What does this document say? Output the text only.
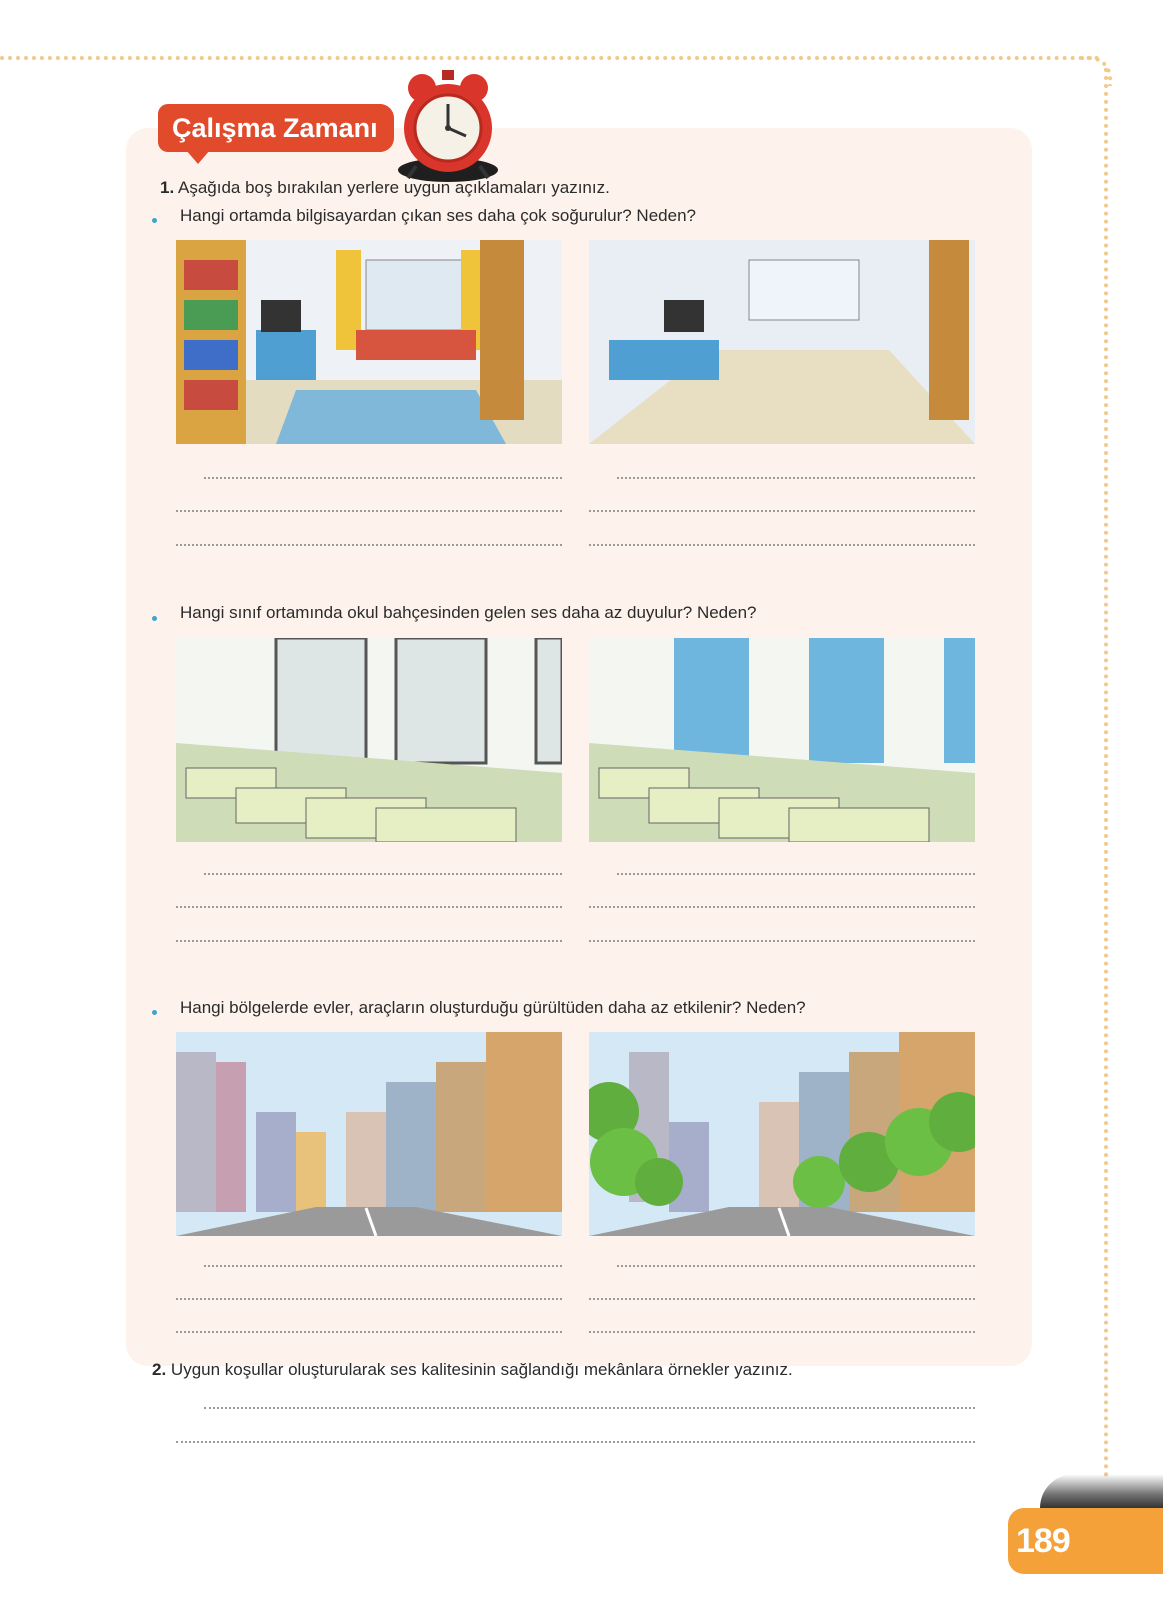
Çalışma Zamanı
1. Aşağıda boş bırakılan yerlere uygun açıklamaları yazınız.
Hangi ortamda bilgisayardan çıkan ses daha çok soğurulur? Neden?
Hangi sınıf ortamında okul bahçesinden gelen ses daha az duyulur? Neden?
Hangi bölgelerde evler, araçların oluşturduğu gürültüden daha az etkilenir? Neden?
2. Uygun koşullar oluşturularak ses kalitesinin sağlandığı mekânlara örnekler yazınız.
189
